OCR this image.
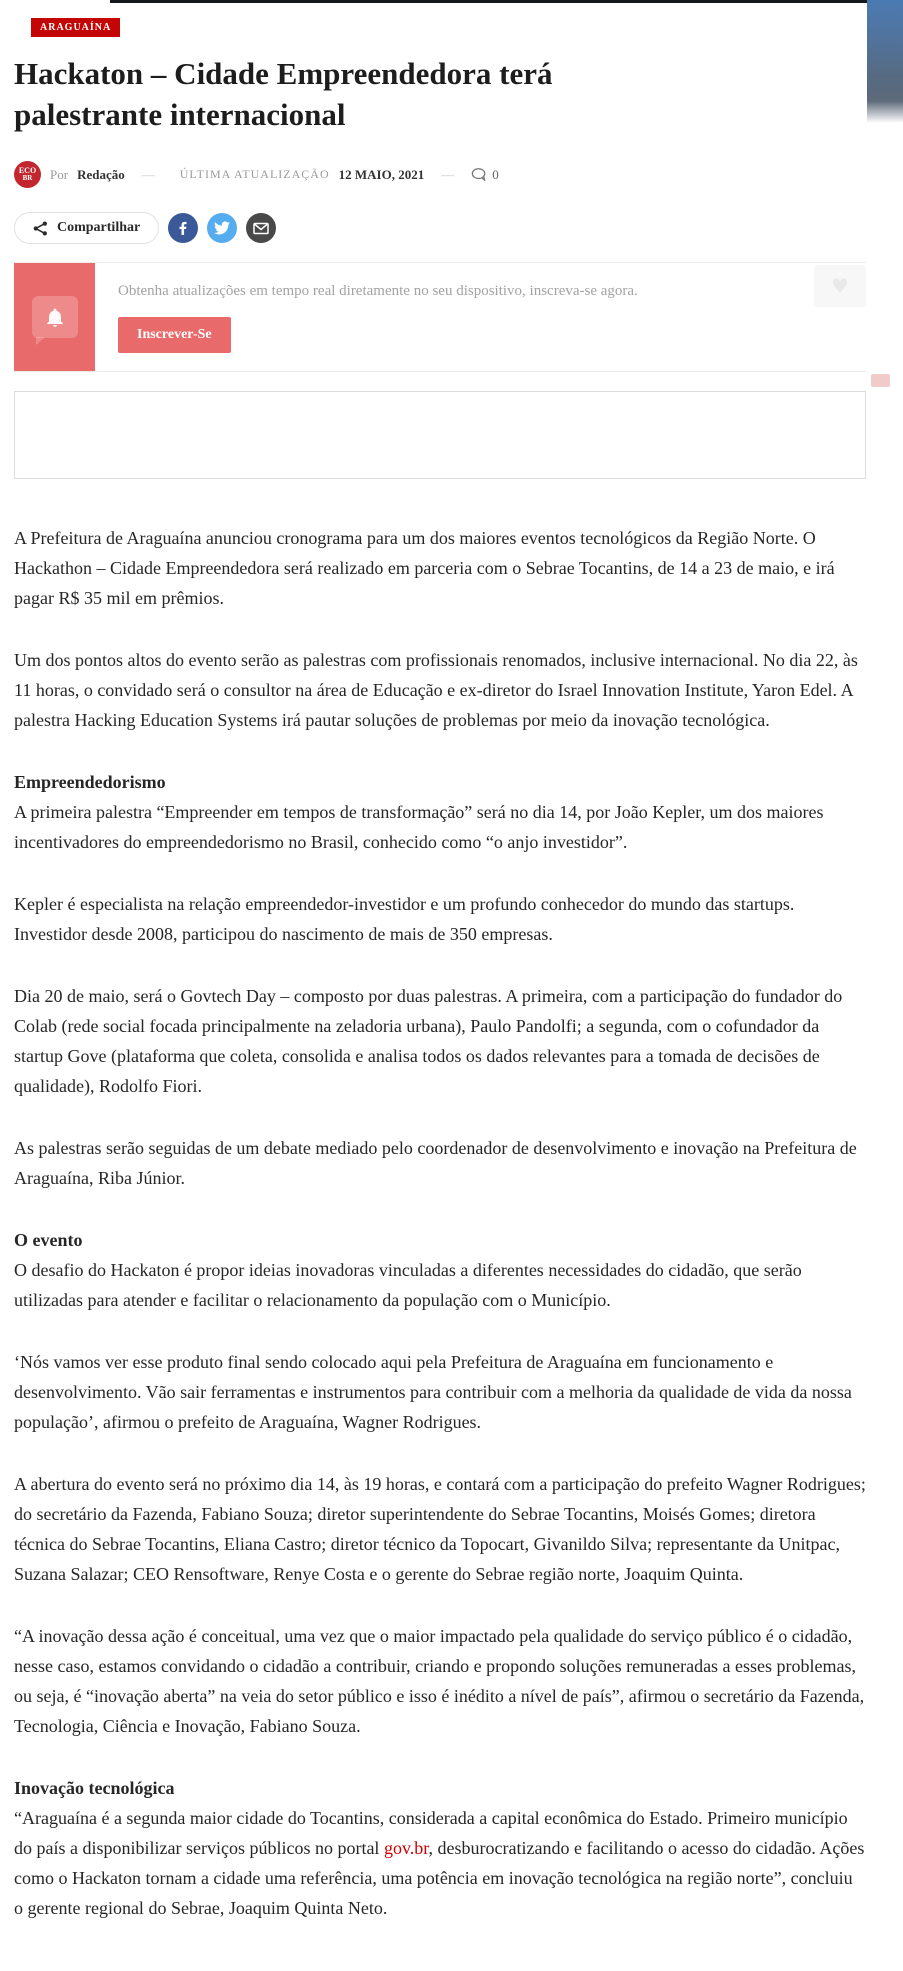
ARAGUAÍNA
Hackaton – Cidade Empreendedora terá palestrante internacional
ECO
BR Por Redação — ÚLTIMA ATUALIZAÇÃO 12 MAIO, 2021 —	0
Compartilhar
Obtenha atualizações em tempo real diretamente no seu dispositivo, inscreva-se agora.
Inscrever-Se
♥

A Prefeitura de Araguaína anunciou cronograma para um dos maiores eventos tecnológicos da Região Norte. O Hackathon – Cidade Empreendedora será realizado em parceria com o Sebrae Tocantins, de 14 a 23 de maio, e irá pagar R$ 35 mil em prêmios.

Um dos pontos altos do evento serão as palestras com profissionais renomados, inclusive internacional. No dia 22, às 11 horas, o convidado será o consultor na área de Educação e ex-diretor do Israel Innovation Institute, Yaron Edel. A palestra Hacking Education Systems irá pautar soluções de problemas por meio da inovação tecnológica.

Empreendedorismo

A primeira palestra “Empreender em tempos de transformação” será no dia 14, por João Kepler, um dos maiores incentivadores do empreendedorismo no Brasil, conhecido como “o anjo investidor”.

Kepler é especialista na relação empreendedor-investidor e um profundo conhecedor do mundo das startups. Investidor desde 2008, participou do nascimento de mais de 350 empresas.

Dia 20 de maio, será o Govtech Day – composto por duas palestras. A primeira, com a participação do fundador do Colab (rede social focada principalmente na zeladoria urbana), Paulo Pandolfi; a segunda, com o cofundador da startup Gove (plataforma que coleta, consolida e analisa todos os dados relevantes para a tomada de decisões de qualidade), Rodolfo Fiori.

As palestras serão seguidas de um debate mediado pelo coordenador de desenvolvimento e inovação na Prefeitura de Araguaína, Riba Júnior.

O evento

O desafio do Hackaton é propor ideias inovadoras vinculadas a diferentes necessidades do cidadão, que serão utilizadas para atender e facilitar o relacionamento da população com o Município.

‘Nós vamos ver esse produto final sendo colocado aqui pela Prefeitura de Araguaína em funcionamento e desenvolvimento. Vão sair ferramentas e instrumentos para contribuir com a melhoria da qualidade de vida da nossa população’, afirmou o prefeito de Araguaína, Wagner Rodrigues.

A abertura do evento será no próximo dia 14, às 19 horas, e contará com a participação do prefeito Wagner Rodrigues; do secretário da Fazenda, Fabiano Souza; diretor superintendente do Sebrae Tocantins, Moisés Gomes; diretora técnica do Sebrae Tocantins, Eliana Castro; diretor técnico da Topocart, Givanildo Silva; representante da Unitpac, Suzana Salazar; CEO Rensoftware, Renye Costa e o gerente do Sebrae região norte, Joaquim Quinta.

“A inovação dessa ação é conceitual, uma vez que o maior impactado pela qualidade do serviço público é o cidadão, nesse caso, estamos convidando o cidadão a contribuir, criando e propondo soluções remuneradas a esses problemas, ou seja, é “inovação aberta” na veia do setor público e isso é inédito a nível de país”, afirmou o secretário da Fazenda, Tecnologia, Ciência e Inovação, Fabiano Souza.

Inovação tecnológica

“Araguaína é a segunda maior cidade do Tocantins, considerada a capital econômica do Estado. Primeiro município do país a disponibilizar serviços públicos no portal gov.br, desburocratizando e facilitando o acesso do cidadão. Ações como o Hackaton tornam a cidade uma referência, uma potência em inovação tecnológica na região norte”, concluiu o gerente regional do Sebrae, Joaquim Quinta Neto.
